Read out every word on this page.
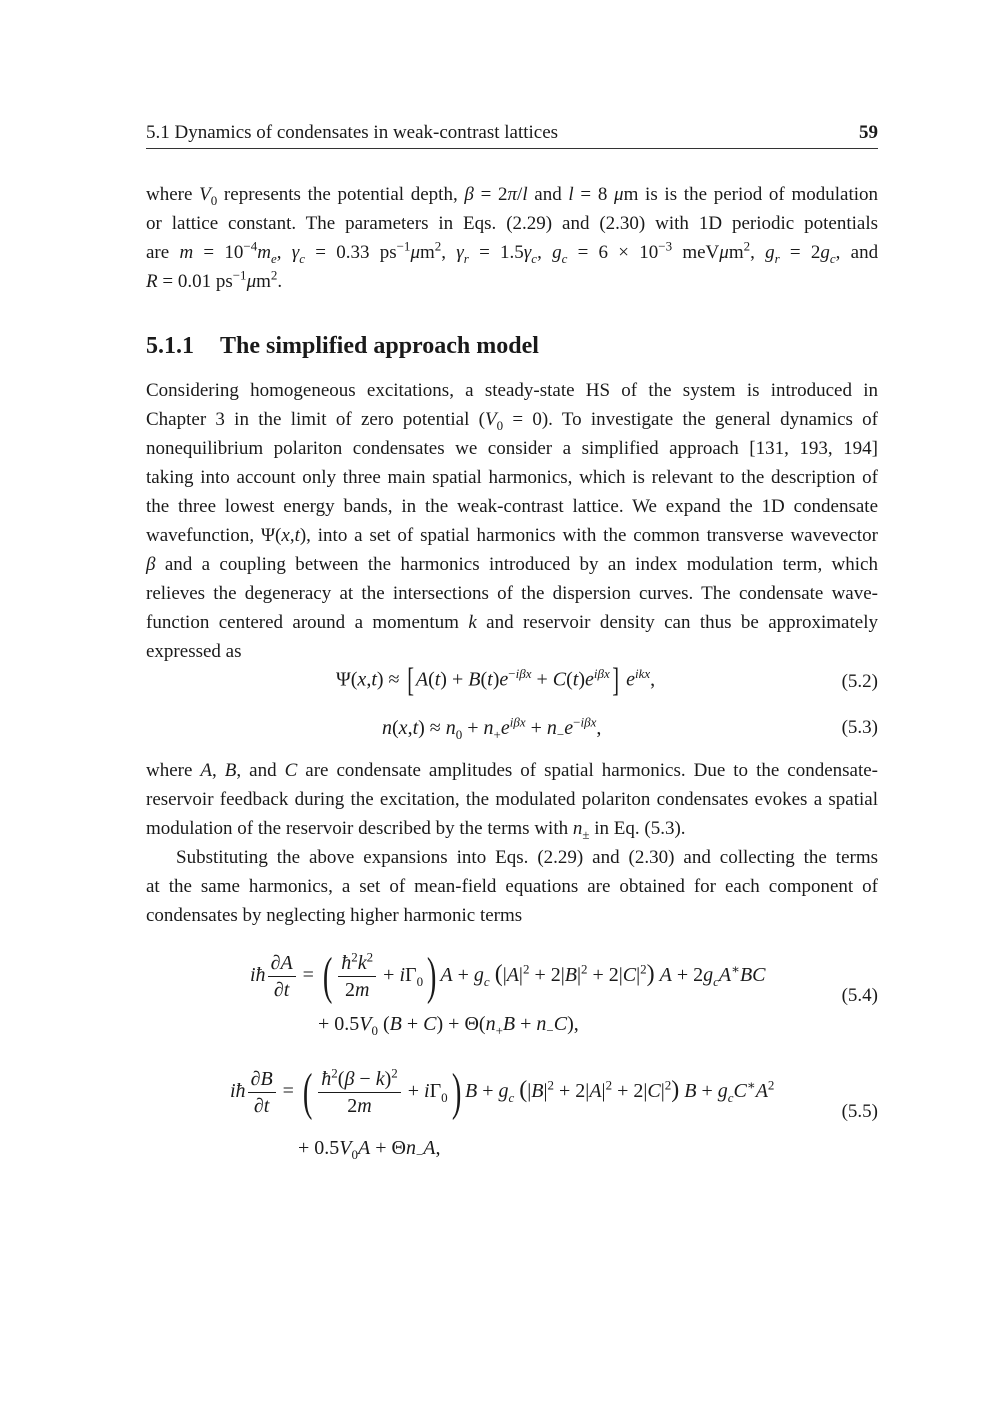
5.1 Dynamics of condensates in weak-contrast lattices	59
where $V_0$ represents the potential depth, β = 2π/l and l = 8 μm is is the period of modulation
or lattice constant. The parameters in Eqs. (2.29) and (2.30) with 1D periodic potentials
are $m = 10^{-4}m_e$, $\gamma_c = 0.33$ $ps^{-1}\mu m^2$, $\gamma_r = 1.5\gamma_c$, $g_c = 6 \times 10^{-3}$ meVμm$^2$, $g_r = 2g_c$, and
R = 0.01 $ps^{-1}\mu m^2$.
5.1.1 The simplified approach model
Considering homogeneous excitations, a steady-state HS of the system is introduced in
Chapter 3 in the limit of zero potential $(V_0 = 0)$. To investigate the general dynamics of
nonequilibrium polariton condensates we consider a simplified approach [131, 193, 194]
taking into account only three main spatial harmonics, which is relevant to the description of
the three lowest energy bands, in the weak-contrast lattice. We expand the 1D condensate
wavefunction, Ψ(x,t), into a set of spatial harmonics with the common transverse wavevector
β and a coupling between the harmonics introduced by an index modulation term, which
relieves the degeneracy at the intersections of the dispersion curves. The condensate wave-
function centered around a momentum k and reservoir density can thus be approximately
expressed as
Ψ(x,t) ≈ [ $A(t) + B(t)e^{-i\beta x} + C(t)e^{i\beta x}$] $e^{ikx}$,	(5.2)
$n(x,t) \approx n_0 + n_+e^{i\beta x} + n_-e^{-i\beta x}$,	(5.3)
where A, B, and C are condensate amplitudes of spatial harmonics. Due to the condensate-
reservoir feedback during the excitation, the modulated polariton condensates evokes a spatial
modulation of the reservoir described by the terms with $n_\pm$ in Eq. (5.3).
Substituting the above expansions into Eqs. (2.29) and (2.30) and collecting the terms
at the same harmonics, a set of mean-field equations are obtained for each component of
condensates by neglecting higher harmonic terms
iħ $\frac{\partial A}{\partial t}$ = ( $\frac{ħ^2k^2}{2m} + i\Gamma_0$) $A + g_c$ $(|A|^2 + 2|B|^2 + 2|C|^2) A + 2g_cA^∗BC$
+ $0.5V_0$ $(B + C) + \Theta(n_+B + n_-C)$,
(5.4)
iħ $\frac{\partial B}{\partial t}$ = ( $\frac{ħ^2(\beta - k)^2}{2m} + i\Gamma_0$) $B + g_c$ $(|B|^2 + 2|A|^2 + 2|C|^2) B + g_cC^∗A^2$
+ $0.5V_0A + \Theta n_-A$,
(5.5)
